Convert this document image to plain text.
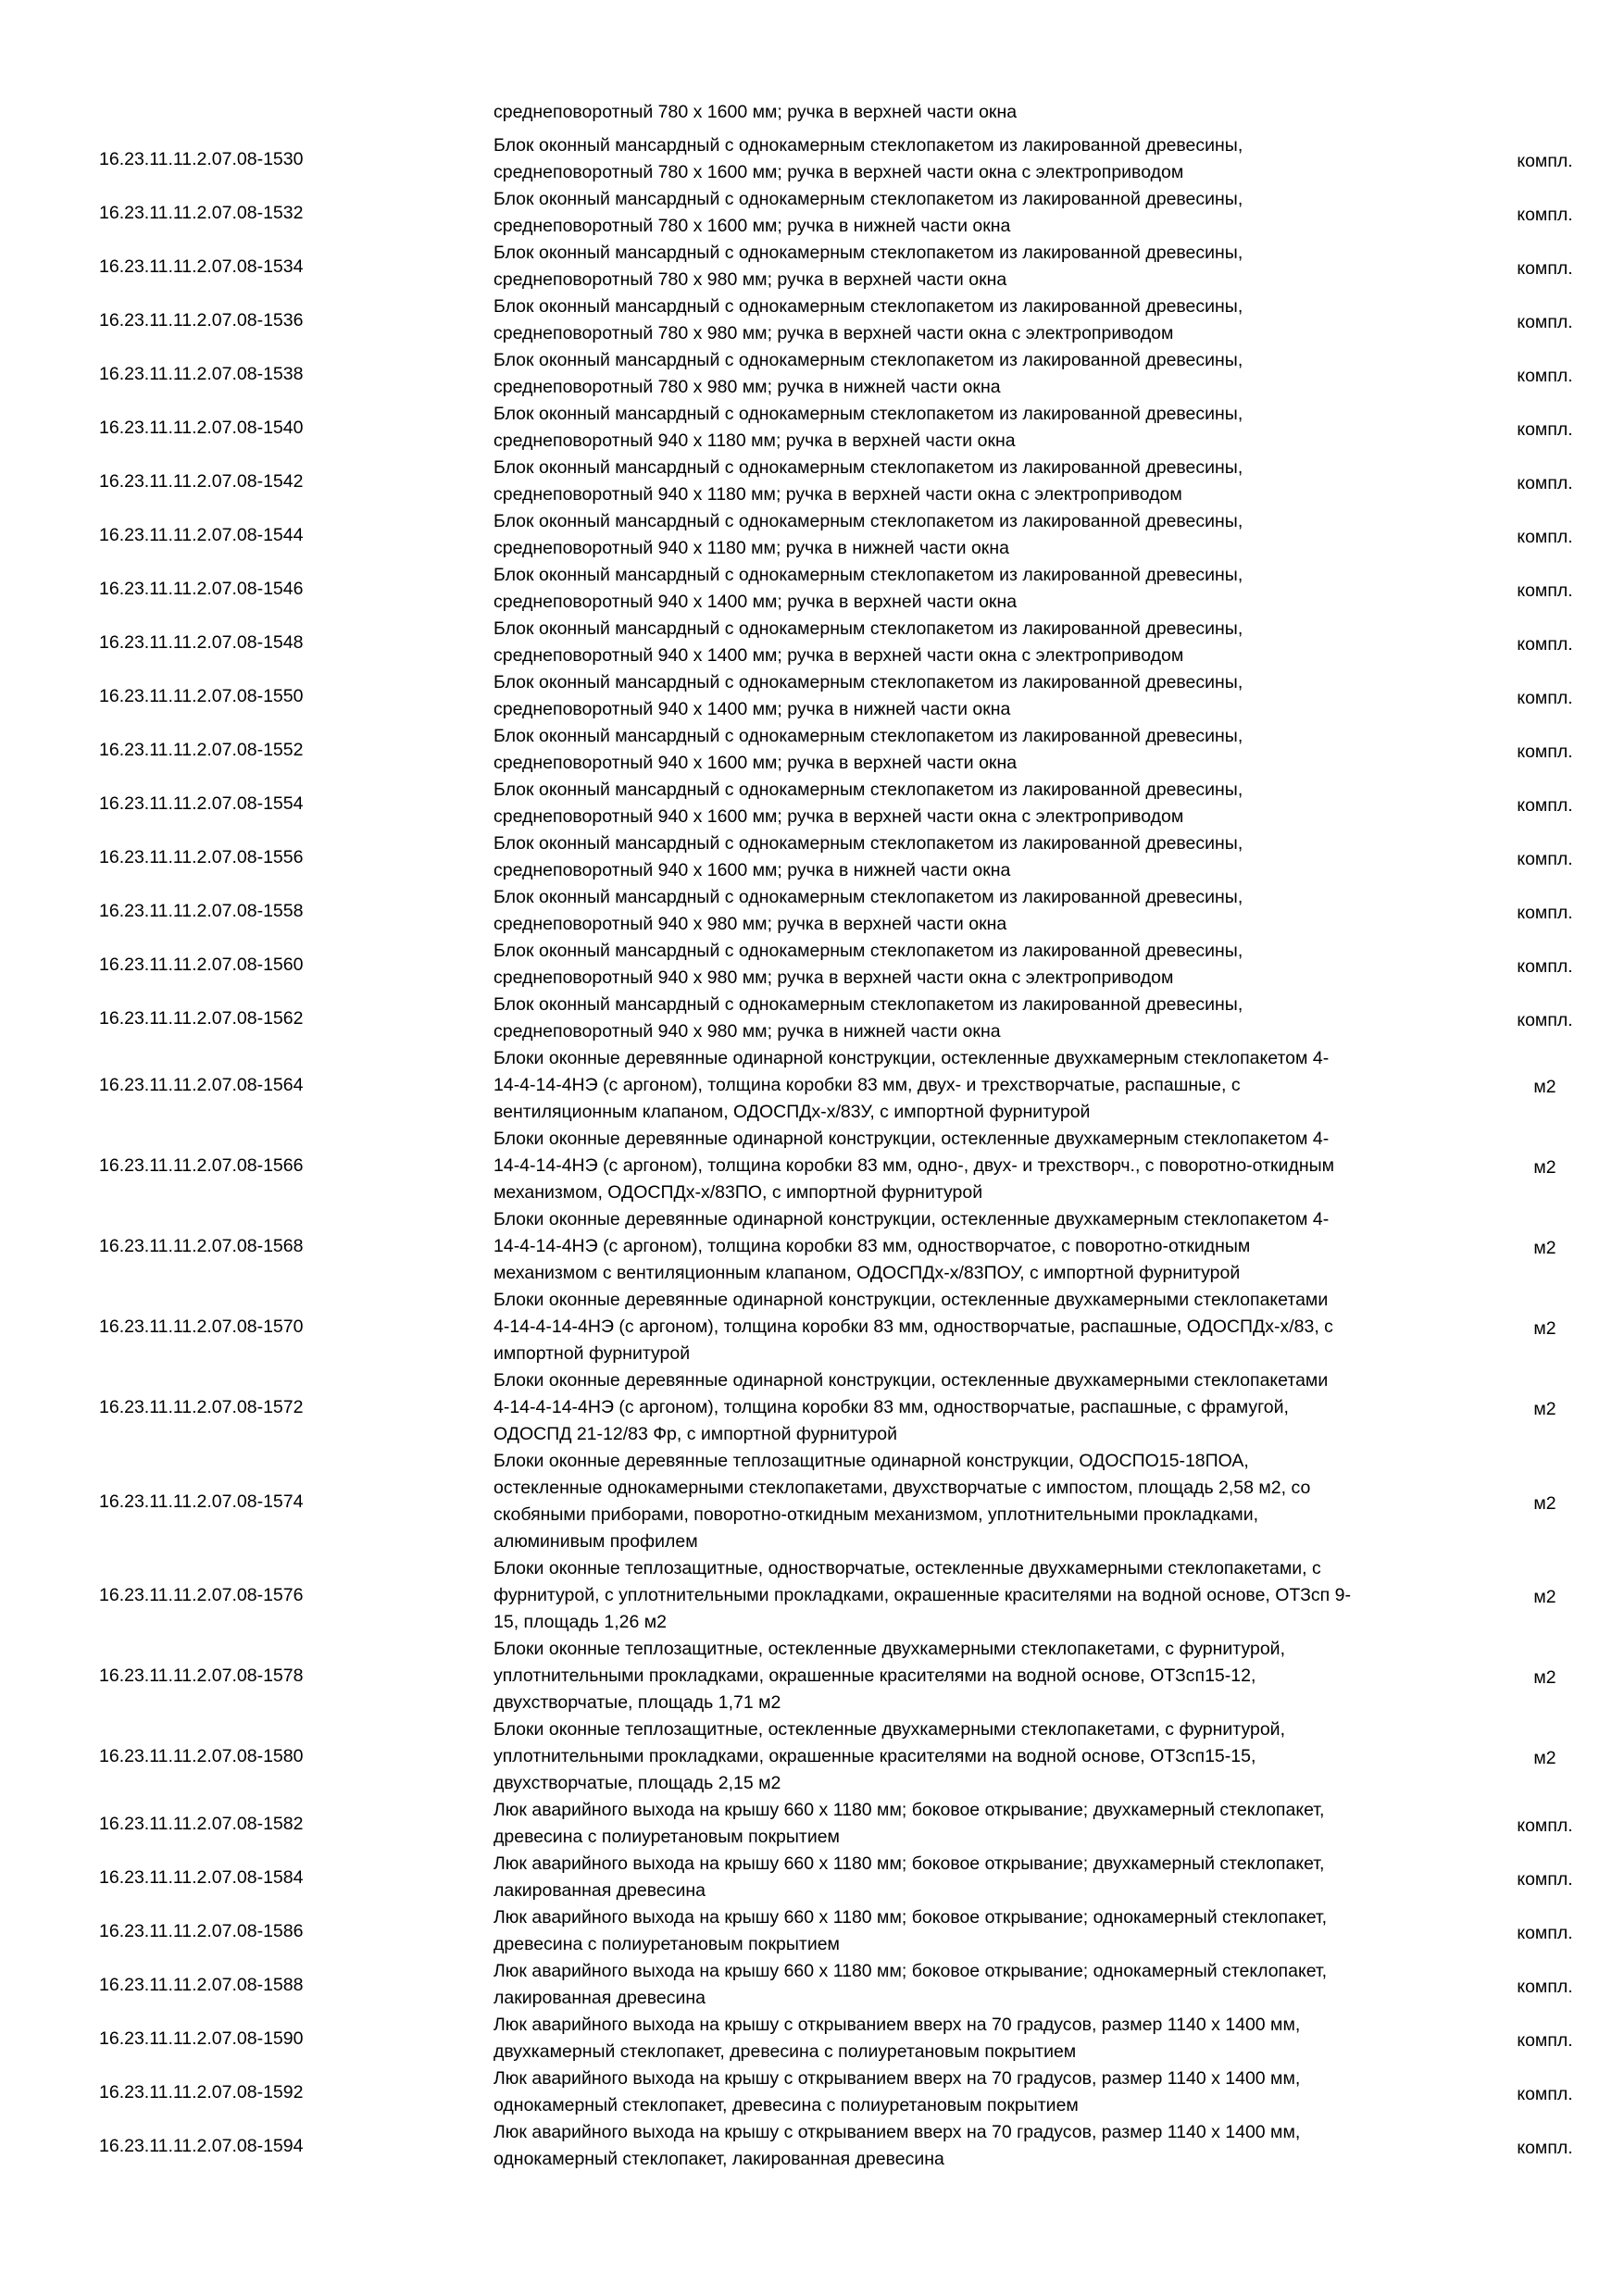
среднеповоротный 780 x 1600 мм; ручка в верхней части окна
16.23.11.11.2.07.08-1530
Блок оконный мансардный с однокамерным стеклопакетом из лакированной древесины,
среднеповоротный 780 x 1600 мм; ручка в верхней части окна с электроприводом
компл.
16.23.11.11.2.07.08-1532
Блок оконный мансардный с однокамерным стеклопакетом из лакированной древесины,
среднеповоротный 780 x 1600 мм; ручка в нижней части окна
компл.
16.23.11.11.2.07.08-1534
Блок оконный мансардный с однокамерным стеклопакетом из лакированной древесины,
среднеповоротный 780 x 980 мм; ручка в верхней части окна
компл.
16.23.11.11.2.07.08-1536
Блок оконный мансардный с однокамерным стеклопакетом из лакированной древесины,
среднеповоротный 780 x 980 мм; ручка в верхней части окна с электроприводом
компл.
16.23.11.11.2.07.08-1538
Блок оконный мансардный с однокамерным стеклопакетом из лакированной древесины,
среднеповоротный 780 x 980 мм; ручка в нижней части окна
компл.
16.23.11.11.2.07.08-1540
Блок оконный мансардный с однокамерным стеклопакетом из лакированной древесины,
среднеповоротный 940 x 1180 мм; ручка в верхней части окна
компл.
16.23.11.11.2.07.08-1542
Блок оконный мансардный с однокамерным стеклопакетом из лакированной древесины,
среднеповоротный 940 x 1180 мм; ручка в верхней части окна с электроприводом
компл.
16.23.11.11.2.07.08-1544
Блок оконный мансардный с однокамерным стеклопакетом из лакированной древесины,
среднеповоротный 940 x 1180 мм; ручка в нижней части окна
компл.
16.23.11.11.2.07.08-1546
Блок оконный мансардный с однокамерным стеклопакетом из лакированной древесины,
среднеповоротный 940 x 1400 мм; ручка в верхней части окна
компл.
16.23.11.11.2.07.08-1548
Блок оконный мансардный с однокамерным стеклопакетом из лакированной древесины,
среднеповоротный 940 x 1400 мм; ручка в верхней части окна с электроприводом
компл.
16.23.11.11.2.07.08-1550
Блок оконный мансардный с однокамерным стеклопакетом из лакированной древесины,
среднеповоротный 940 x 1400 мм; ручка в нижней части окна
компл.
16.23.11.11.2.07.08-1552
Блок оконный мансардный с однокамерным стеклопакетом из лакированной древесины,
среднеповоротный 940 x 1600 мм; ручка в верхней части окна
компл.
16.23.11.11.2.07.08-1554
Блок оконный мансардный с однокамерным стеклопакетом из лакированной древесины,
среднеповоротный 940 x 1600 мм; ручка в верхней части окна с электроприводом
компл.
16.23.11.11.2.07.08-1556
Блок оконный мансардный с однокамерным стеклопакетом из лакированной древесины,
среднеповоротный 940 x 1600 мм; ручка в нижней части окна
компл.
16.23.11.11.2.07.08-1558
Блок оконный мансардный с однокамерным стеклопакетом из лакированной древесины,
среднеповоротный 940 x 980 мм; ручка в верхней части окна
компл.
16.23.11.11.2.07.08-1560
Блок оконный мансардный с однокамерным стеклопакетом из лакированной древесины,
среднеповоротный 940 x 980 мм; ручка в верхней части окна с электроприводом
компл.
16.23.11.11.2.07.08-1562
Блок оконный мансардный с однокамерным стеклопакетом из лакированной древесины,
среднеповоротный 940 x 980 мм; ручка в нижней части окна
компл.
16.23.11.11.2.07.08-1564
Блоки оконные деревянные одинарной конструкции, остекленные двухкамерным стеклопакетом 4-
14-4-14-4НЭ (с аргоном), толщина коробки 83 мм, двух- и трехстворчатые, распашные, с
вентиляционным клапаном, ОДОСПДх-х/83У, с импортной фурнитурой
м2
16.23.11.11.2.07.08-1566
Блоки оконные деревянные одинарной конструкции, остекленные двухкамерным стеклопакетом 4-
14-4-14-4НЭ (с аргоном), толщина коробки 83 мм, одно-, двух- и трехстворч., с поворотно-откидным
механизмом, ОДОСПДх-х/83ПО, с импортной фурнитурой
м2
16.23.11.11.2.07.08-1568
Блоки оконные деревянные одинарной конструкции, остекленные двухкамерным стеклопакетом 4-
14-4-14-4НЭ (с аргоном), толщина коробки 83 мм, одностворчатое, с поворотно-откидным
механизмом с вентиляционным клапаном, ОДОСПДх-х/83ПОУ, с импортной фурнитурой
м2
16.23.11.11.2.07.08-1570
Блоки оконные деревянные одинарной конструкции, остекленные двухкамерными стеклопакетами
4-14-4-14-4НЭ (с аргоном), толщина коробки 83 мм, одностворчатые, распашные, ОДОСПДх-х/83, с
импортной фурнитурой
м2
16.23.11.11.2.07.08-1572
Блоки оконные деревянные одинарной конструкции, остекленные двухкамерными стеклопакетами
4-14-4-14-4НЭ (с аргоном), толщина коробки 83 мм, одностворчатые, распашные, с фрамугой,
ОДОСПД 21-12/83 Фр, с импортной фурнитурой
м2
16.23.11.11.2.07.08-1574
Блоки оконные деревянные теплозащитные одинарной конструкции, ОДОСПО15-18ПОА,
остекленные однокамерными стеклопакетами, двухстворчатые с импостом, площадь 2,58 м2, со
скобяными приборами, поворотно-откидным механизмом, уплотнительными прокладками,
алюминивым профилем
м2
16.23.11.11.2.07.08-1576
Блоки оконные теплозащитные, одностворчатые, остекленные двухкамерными стеклопакетами, с
фурнитурой, с уплотнительными прокладками, окрашенные красителями на водной основе, ОТЗсп 9-
15, площадь 1,26 м2
м2
16.23.11.11.2.07.08-1578
Блоки оконные теплозащитные, остекленные двухкамерными стеклопакетами, с фурнитурой,
уплотнительными прокладками, окрашенные красителями на водной основе, ОТЗсп15-12,
двухстворчатые, площадь 1,71 м2
м2
16.23.11.11.2.07.08-1580
Блоки оконные теплозащитные, остекленные двухкамерными стеклопакетами, с фурнитурой,
уплотнительными прокладками, окрашенные красителями на водной основе, ОТЗсп15-15,
двухстворчатые, площадь 2,15 м2
м2
16.23.11.11.2.07.08-1582
Люк аварийного выхода на крышу 660 x 1180 мм; боковое открывание; двухкамерный стеклопакет,
древесина с полиуретановым покрытием
компл.
16.23.11.11.2.07.08-1584
Люк аварийного выхода на крышу 660 x 1180 мм; боковое открывание; двухкамерный стеклопакет,
лакированная древесина
компл.
16.23.11.11.2.07.08-1586
Люк аварийного выхода на крышу 660 x 1180 мм; боковое открывание; однокамерный стеклопакет,
древесина с полиуретановым покрытием
компл.
16.23.11.11.2.07.08-1588
Люк аварийного выхода на крышу 660 x 1180 мм; боковое открывание; однокамерный стеклопакет,
лакированная древесина
компл.
16.23.11.11.2.07.08-1590
Люк аварийного выхода на крышу с открыванием вверх на 70 градусов, размер 1140 x 1400 мм,
двухкамерный стеклопакет, древесина с полиуретановым покрытием
компл.
16.23.11.11.2.07.08-1592
Люк аварийного выхода на крышу с открыванием вверх на 70 градусов, размер 1140 x 1400 мм,
однокамерный стеклопакет, древесина с полиуретановым покрытием
компл.
16.23.11.11.2.07.08-1594
Люк аварийного выхода на крышу с открыванием вверх на 70 градусов, размер 1140 x 1400 мм,
однокамерный стеклопакет, лакированная древесина
компл.
